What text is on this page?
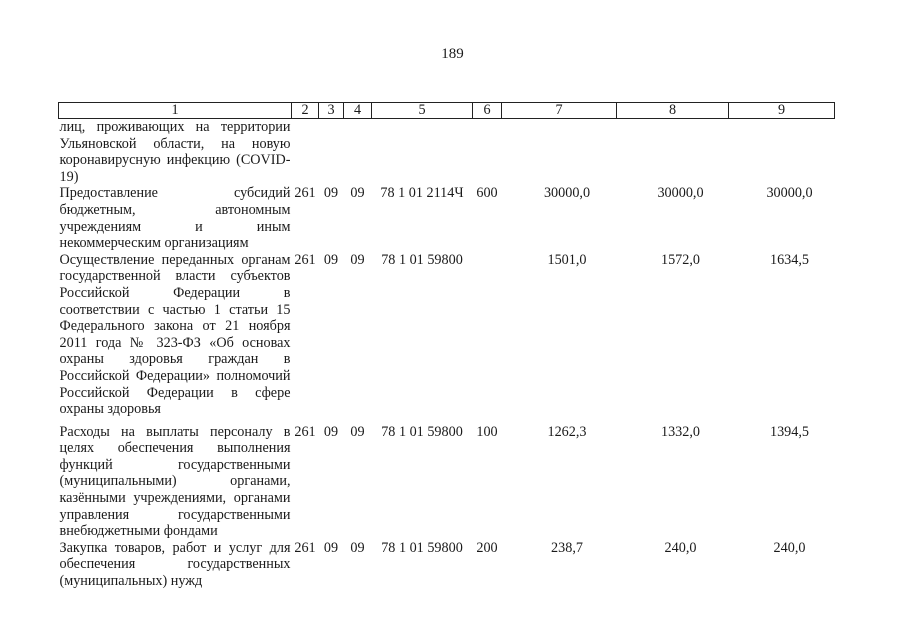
189
1	2	3	4	5	6	7	8	9
лиц, проживающих на территории Ульяновской области, на новую коронавирусную инфекцию (COVID-19)								
Предоставление субсидий бюджетным, автономным учреждениям и иным некоммерческим организациям	261	09	09	78 1 01 2114Ч	600	30000,0	30000,0	30000,0
Осуществление переданных органам государственной власти субъектов Российской Федерации в соответствии с частью 1 статьи 15 Федерального закона от 21 ноября 2011 года № 323-ФЗ «Об основах охраны здоровья граждан в Российской Федерации» полномочий Российской Федерации в сфере охраны здоровья	261	09	09	78 1 01 59800		1501,0	1572,0	1634,5
Расходы на выплаты персоналу в целях обеспечения выполнения функций государственными (муниципальными) органами, казёнными учреждениями, органами управления государственными внебюджетными фондами	261	09	09	78 1 01 59800	100	1262,3	1332,0	1394,5
Закупка товаров, работ и услуг для обеспечения государственных (муниципальных) нужд	261	09	09	78 1 01 59800	200	238,7	240,0	240,0
